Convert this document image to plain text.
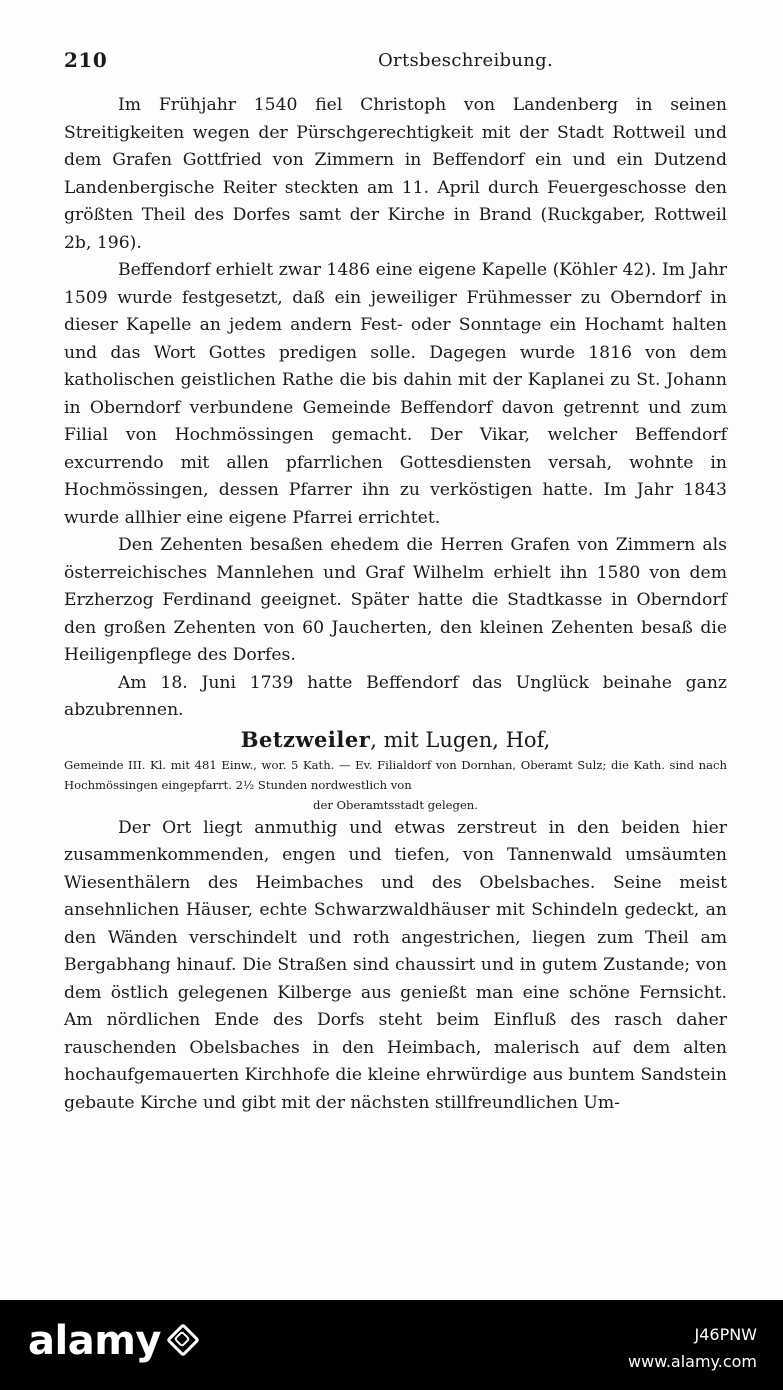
210	Ortsbeschreibung.

Im Frühjahr 1540 fiel Christoph von Landenberg in seinen Streitigkeiten wegen der Pürschgerechtigkeit mit der Stadt Rottweil und dem Grafen Gottfried von Zimmern in Beffendorf ein und ein Dutzend Landenbergische Reiter steckten am 11. April durch Feuergeschosse den größten Theil des Dorfes samt der Kirche in Brand (Ruckgaber, Rottweil 2b, 196).

Beffendorf erhielt zwar 1486 eine eigene Kapelle (Köhler 42). Im Jahr 1509 wurde festgesetzt, daß ein jeweiliger Frühmesser zu Oberndorf in dieser Kapelle an jedem andern Fest- oder Sonntage ein Hochamt halten und das Wort Gottes predigen solle. Dagegen wurde 1816 von dem katholischen geistlichen Rathe die bis dahin mit der Kaplanei zu St. Johann in Oberndorf verbundene Gemeinde Beffendorf davon getrennt und zum Filial von Hochmössingen gemacht. Der Vikar, welcher Beffendorf excurrendo mit allen pfarrlichen Gottesdiensten versah, wohnte in Hochmössingen, dessen Pfarrer ihn zu verköstigen hatte. Im Jahr 1843 wurde allhier eine eigene Pfarrei errichtet.

Den Zehenten besaßen ehedem die Herren Grafen von Zimmern als österreichisches Mannlehen und Graf Wilhelm erhielt ihn 1580 von dem Erzherzog Ferdinand geeignet. Später hatte die Stadtkasse in Oberndorf den großen Zehenten von 60 Jaucherten, den kleinen Zehenten besaß die Heiligenpflege des Dorfes.

Am 18. Juni 1739 hatte Beffendorf das Unglück beinahe ganz abzubrennen.

Betzweiler, mit Lugen, Hof,

Gemeinde III. Kl. mit 481 Einw., wor. 5 Kath. — Ev. Filialdorf von Dornhan, Oberamt Sulz; die Kath. sind nach Hochmössingen eingepfarrt. 2½ Stunden nordwestlich von
der Oberamtsstadt gelegen.

Der Ort liegt anmuthig und etwas zerstreut in den beiden hier zusammenkommenden, engen und tiefen, von Tannenwald umsäumten Wiesenthälern des Heimbaches und des Obelsbaches. Seine meist ansehnlichen Häuser, echte Schwarzwaldhäuser mit Schindeln gedeckt, an den Wänden verschindelt und roth angestrichen, liegen zum Theil am Bergabhang hinauf. Die Straßen sind chaussirt und in gutem Zustande; von dem östlich gelegenen Kilberge aus genießt man eine schöne Fernsicht. Am nördlichen Ende des Dorfs steht beim Einfluß des rasch daher rauschenden Obelsbaches in den Heimbach, malerisch auf dem alten hochaufgemauerten Kirchhofe die kleine ehrwürdige aus buntem Sandstein gebaute Kirche und gibt mit der nächsten stillfreundlichen Um-

alamy	J46PNW
www.alamy.com
